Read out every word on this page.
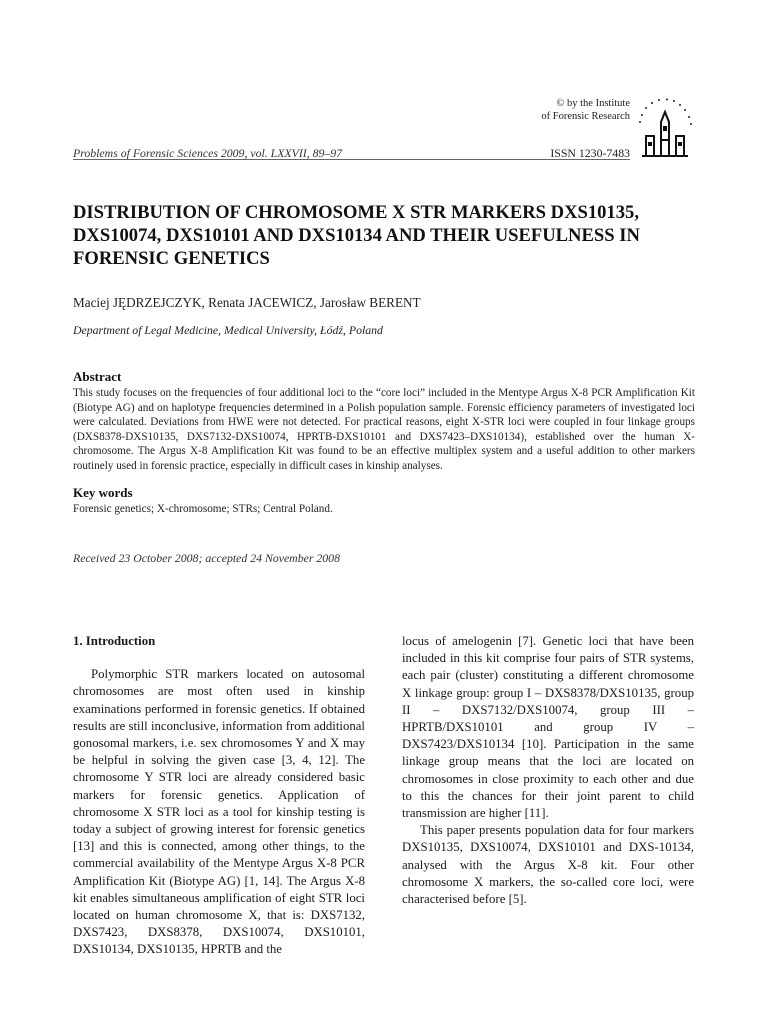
© by the Institute
of Forensic Research
Problems of Forensic Sciences 2009, vol. LXXVII, 89–97	ISSN 1230-7483
DISTRIBUTION OF CHROMOSOME X STR MARKERS DXS10135, DXS10074, DXS10101 AND DXS10134 AND THEIR USEFULNESS IN FORENSIC GENETICS
Maciej JĘDRZEJCZYK, Renata JACEWICZ, Jarosław BERENT
Department of Legal Medicine, Medical University, Łódź, Poland
Abstract

This study focuses on the frequencies of four additional loci to the “core loci” included in the Mentype Argus X-8 PCR Amplification Kit (Biotype AG) and on haplotype frequencies determined in a Polish population sample. Forensic efficiency parameters of investigated loci were calculated. Deviations from HWE were not detected. For practical reasons, eight X-STR loci were coupled in four linkage groups (DXS8378-DXS10135, DXS7132-DXS10074, HPRTB-DXS10101 and DXS7423–DXS10134), established over the human X-chromosome. The Argus X-8 Amplification Kit was found to be an effective multiplex system and a useful addition to other markers routinely used in forensic practice, especially in difficult cases in kinship analyses.

Key words
Forensic genetics; X-chromosome; STRs; Central Poland.
Received 23 October 2008; accepted 24 November 2008

1. Introduction

Polymorphic STR markers located on autosomal chromosomes are most often used in kinship examinations performed in forensic genetics. If obtained results are still inconclusive, information from additional gonosomal markers, i.e. sex chromosomes Y and X may be helpful in solving the given case [3, 4, 12]. The chromosome Y STR loci are already considered basic markers for forensic genetics. Application of chromosome X STR loci as a tool for kinship testing is today a subject of growing interest for forensic genetics [13] and this is connected, among other things, to the commercial availability of the Mentype Argus X-8 PCR Amplification Kit (Biotype AG) [1, 14]. The Argus X-8 kit enables simultaneous amplification of eight STR loci located on human chromosome X, that is: DXS7132, DXS7423, DXS8378, DXS10074, DXS10101, DXS10134, DXS10135, HPRTB and the

locus of amelogenin [7]. Genetic loci that have been included in this kit comprise four pairs of STR systems, each pair (cluster) constituting a different chromosome X linkage group: group I – DXS8378/DXS10135, group II – DXS7132/DXS10074, group III – HPRTB/DXS10101 and group IV – DXS7423/DXS10134 [10]. Participation in the same linkage group means that the loci are located on chromosomes in close proximity to each other and due to this the chances for their joint parent to child transmission are higher [11].

This paper presents population data for four markers DXS10135, DXS10074, DXS10101 and DXS-10134, analysed with the Argus X-8 kit. Four other chromosome X markers, the so-called core loci, were characterised before [5].
